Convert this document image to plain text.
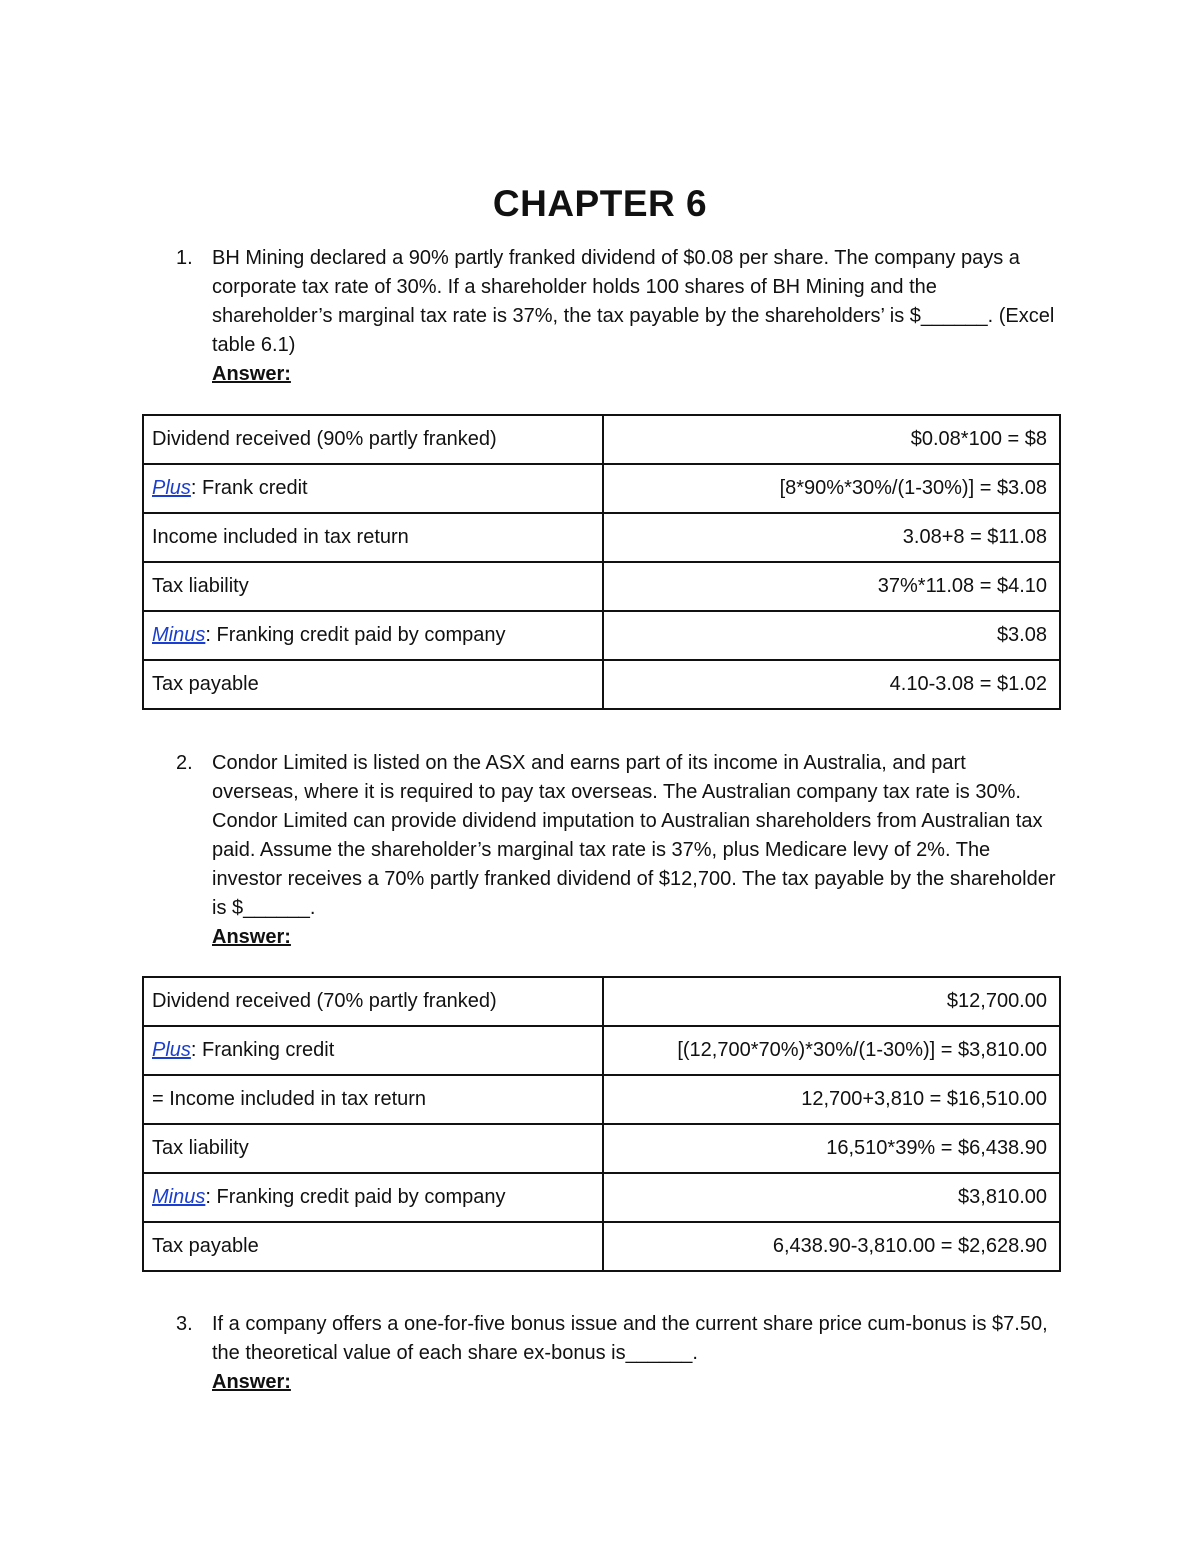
CHAPTER 6
1. BH Mining declared a 90% partly franked dividend of $0.08 per share. The company pays a corporate tax rate of 30%. If a shareholder holds 100 shares of BH Mining and the shareholder’s marginal tax rate is 37%, the tax payable by the shareholders’ is $______. (Excel table 6.1)
Answer:
Dividend received (90% partly franked)	$0.08*100 = $8
Plus: Frank credit	[8*90%*30%/(1-30%)] = $3.08
Income included in tax return	3.08+8 = $11.08
Tax liability	37%*11.08 = $4.10
Minus: Franking credit paid by company	$3.08
Tax payable	4.10-3.08 = $1.02
2. Condor Limited is listed on the ASX and earns part of its income in Australia, and part overseas, where it is required to pay tax overseas. The Australian company tax rate is 30%. Condor Limited can provide dividend imputation to Australian shareholders from Australian tax paid. Assume the shareholder’s marginal tax rate is 37%, plus Medicare levy of 2%. The investor receives a 70% partly franked dividend of $12,700. The tax payable by the shareholder is $______.
Answer:
Dividend received (70% partly franked)	$12,700.00
Plus: Franking credit	[(12,700*70%)*30%/(1-30%)] = $3,810.00
= Income included in tax return	12,700+3,810 = $16,510.00
Tax liability	16,510*39% = $6,438.90
Minus: Franking credit paid by company	$3,810.00
Tax payable	6,438.90-3,810.00 = $2,628.90
3. If a company offers a one-for-five bonus issue and the current share price cum-bonus is $7.50, the theoretical value of each share ex-bonus is______.
Answer:
